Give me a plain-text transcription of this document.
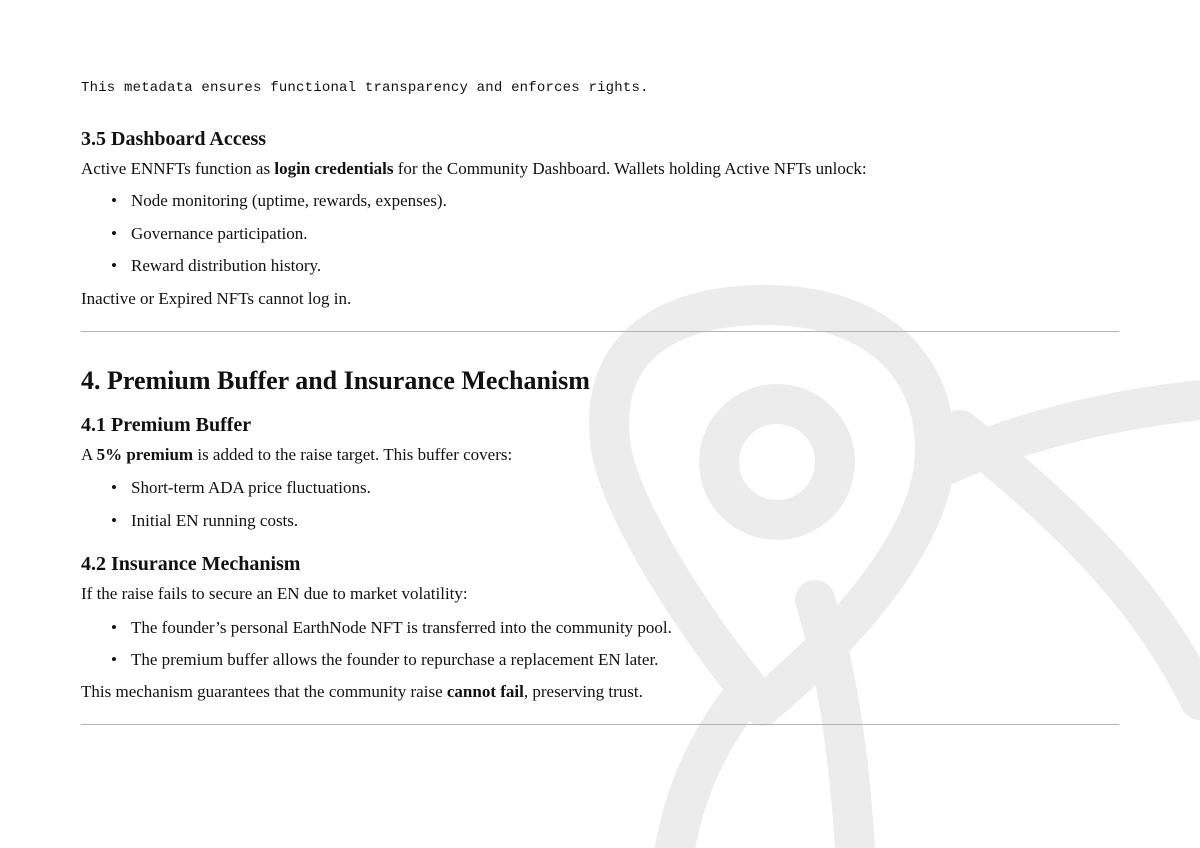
This metadata ensures functional transparency and enforces rights.
3.5 Dashboard Access

Active ENNFTs function as login credentials for the Community Dashboard. Wallets holding Active NFTs unlock:

• Node monitoring (uptime, rewards, expenses).
• Governance participation.
• Reward distribution history.

Inactive or Expired NFTs cannot log in.

4. Premium Buffer and Insurance Mechanism
4.1 Premium Buffer

A 5% premium is added to the raise target. This buffer covers:

• Short-term ADA price fluctuations.
• Initial EN running costs.
4.2 Insurance Mechanism

If the raise fails to secure an EN due to market volatility:

• The founder’s personal EarthNode NFT is transferred into the community pool.
• The premium buffer allows the founder to repurchase a replacement EN later.

This mechanism guarantees that the community raise cannot fail, preserving trust.
